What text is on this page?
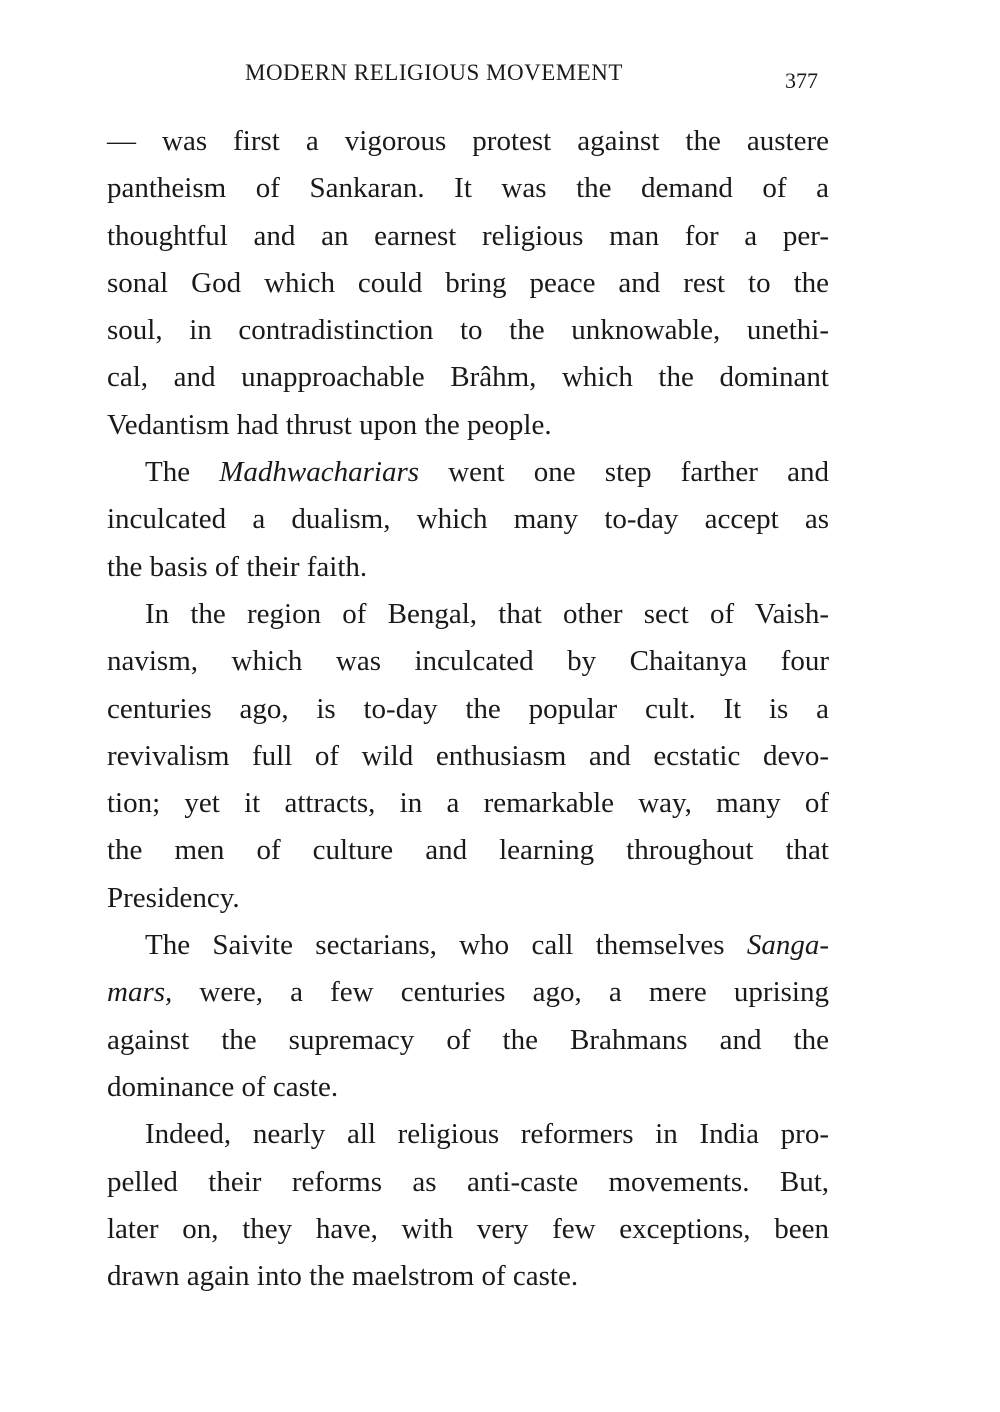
MODERN RELIGIOUS MOVEMENT	377
— was first a vigorous protest against the austere
pantheism of Sankaran. It was the demand of a
thoughtful and an earnest religious man for a per-
sonal God which could bring peace and rest to the
soul, in contradistinction to the unknowable, unethi-
cal, and unapproachable Brâhm, which the dominant
Vedantism had thrust upon the people.
The Madhwachariars went one step farther and
inculcated a dualism, which many to-day accept as
the basis of their faith.
In the region of Bengal, that other sect of Vaish-
navism, which was inculcated by Chaitanya four
centuries ago, is to-day the popular cult. It is a
revivalism full of wild enthusiasm and ecstatic devo-
tion; yet it attracts, in a remarkable way, many of
the men of culture and learning throughout that
Presidency.
The Saivite sectarians, who call themselves Sanga-
mars, were, a few centuries ago, a mere uprising
against the supremacy of the Brahmans and the
dominance of caste.
Indeed, nearly all religious reformers in India pro-
pelled their reforms as anti-caste movements. But,
later on, they have, with very few exceptions, been
drawn again into the maelstrom of caste.
